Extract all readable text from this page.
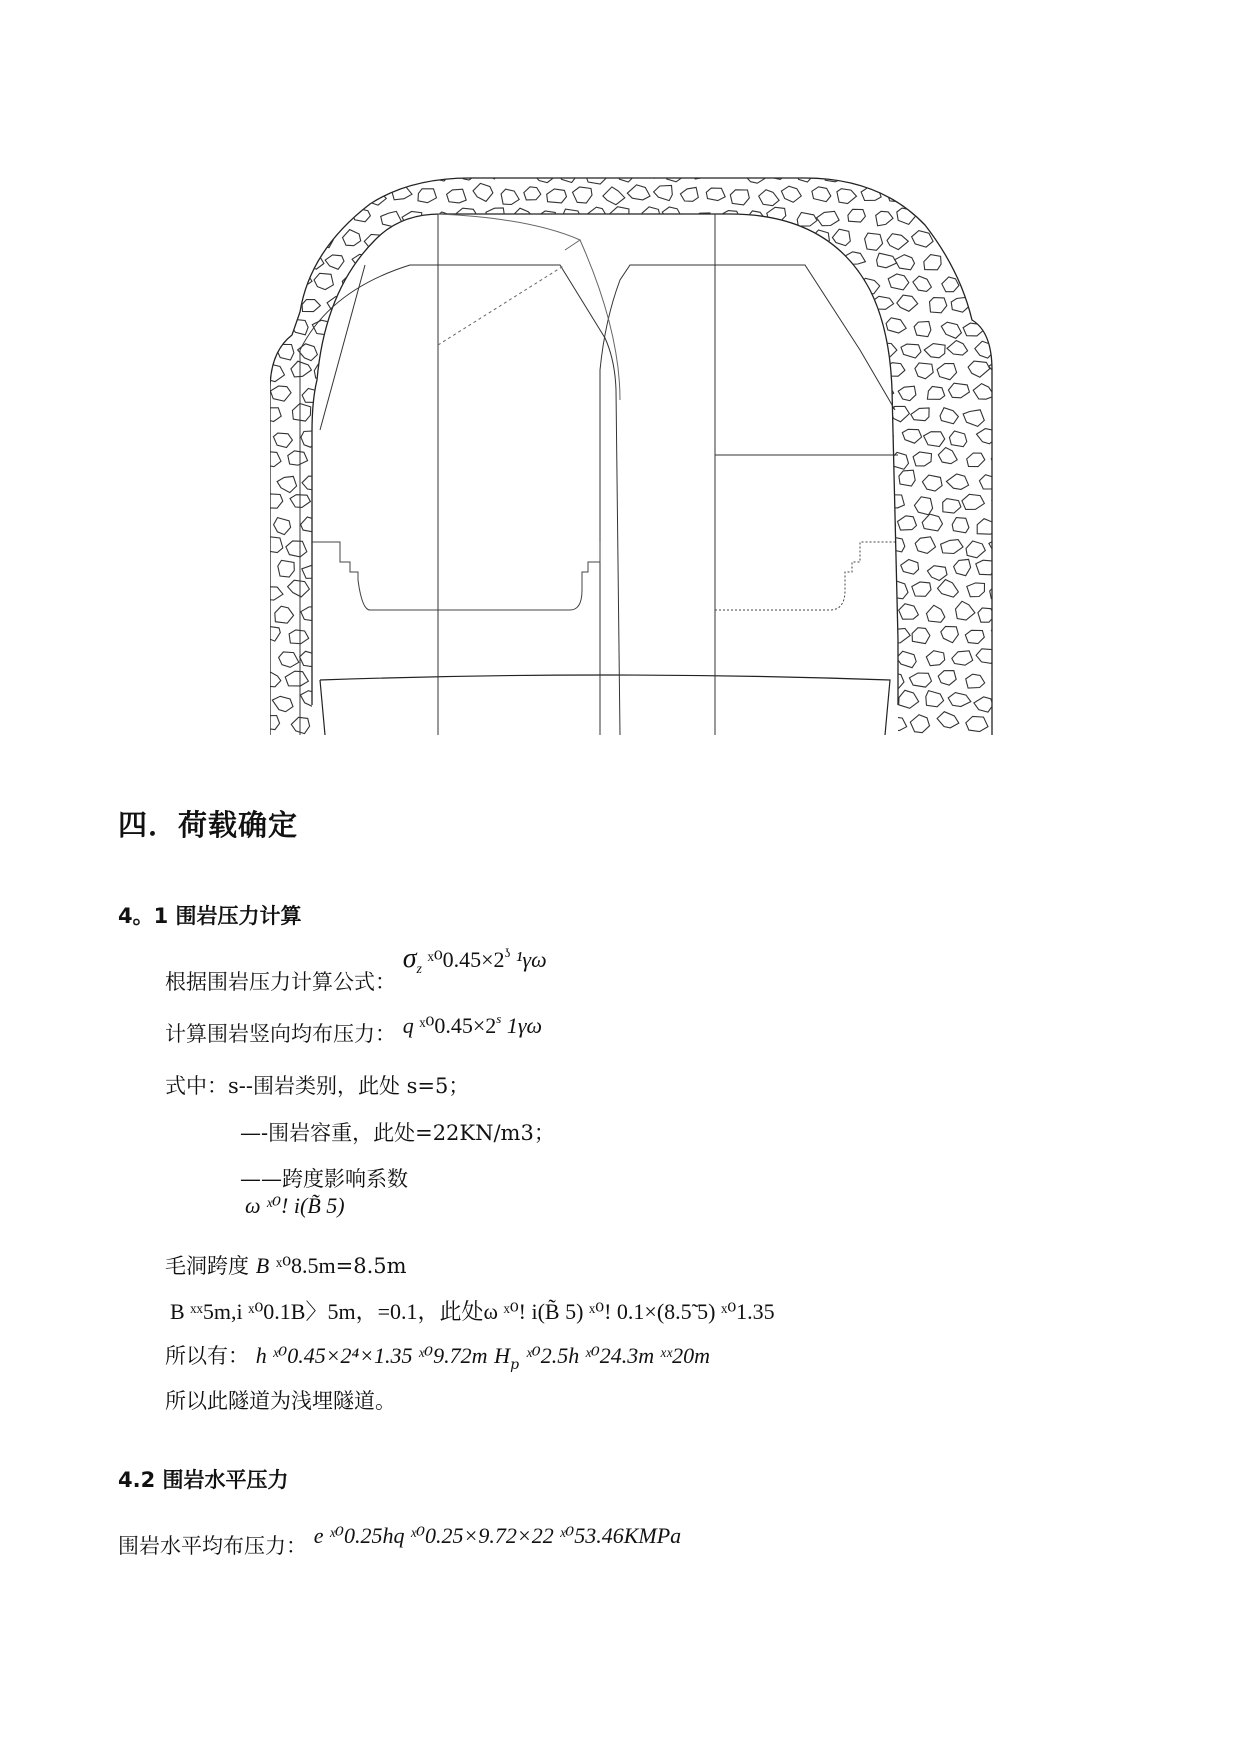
四．荷载确定
4。1 围岩压力计算
根据围岩压力计算公式： $\sigma_z$ $ˣ^00.45\times 2^ʖ$ ¹γω
计算围岩竖向均布压力： q $ˣ^00.45\times 2^s$ 1γω
式中：s--围岩类别，此处 s=5；
—-围岩容重，此处=22KN/m3；
——跨度影响系数
ω ˣ⁰! i(B̃ 5)
毛洞跨度 B ˣ⁰8.5m=8.5m
B ˣˣ5m,i ˣ⁰0.1B〉5m，=0.1，此处ω ˣ⁰! i(B̃ 5) ˣ⁰! 0.1×(8.5̃ 5) ˣ⁰1.35
所以有： h ˣ⁰0.45×2⁴×1.35 ˣ⁰9.72m $H_p$ ˣ⁰2.5h ˣ⁰24.3m ˣˣ20m
所以此隧道为浅埋隧道。
4.2 围岩水平压力
围岩水平均布压力： e ˣ⁰0.25hq ˣ⁰0.25×9.72×22 ˣ⁰53.46KMPa
